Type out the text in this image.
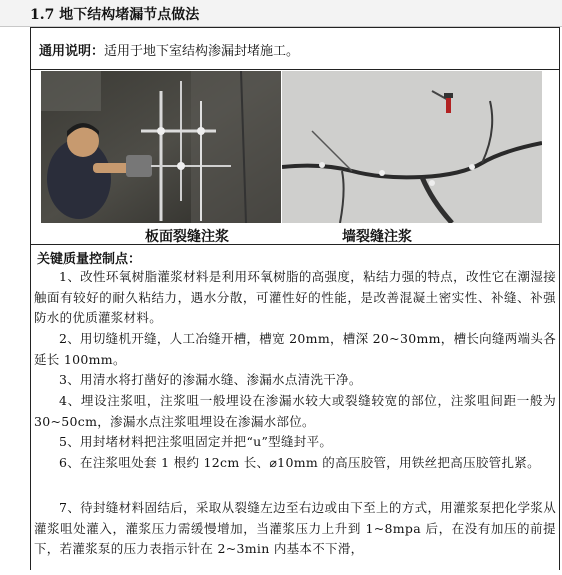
1.7 地下结构堵漏节点做法
通用说明：适用于地下室结构渗漏封堵施工。
板面裂缝注浆	墙裂缝注浆
关键质量控制点：

1、改性环氧树脂灌浆材料是利用环氧树脂的高强度，粘结力强的特点，改性它在潮湿接触面有较好的耐久粘结力，遇水分散，可灌性好的性能，是改善混凝土密实性、补缝、补强防水的优质灌浆材料。

2、用切缝机开缝，人工冶缝开槽，槽宽 20mm，槽深 20~30mm，槽长向缝两端头各延长 100mm。

3、用清水将打凿好的渗漏水缝、渗漏水点清洗干净。

4、埋设注浆咀，注浆咀一般埋设在渗漏水较大或裂缝较宽的部位，注浆咀间距一般为 30~50cm，渗漏水点注浆咀埋设在渗漏水部位。

5、用封堵材料把注浆咀固定并把“u”型缝封平。

6、在注浆咀处套 1 根约 12cm 长、⌀10mm 的高压胶管，用铁丝把高压胶管扎紧。

7、待封缝材料固结后，采取从裂缝左边至右边或由下至上的方式，用灌浆泵把化学浆从灌浆咀处灌入，灌浆压力需缓慢增加，当灌浆压力上升到 1~8mpa 后，在没有加压的前提下，若灌浆泵的压力表指示针在 2~3min 内基本不下滑，
